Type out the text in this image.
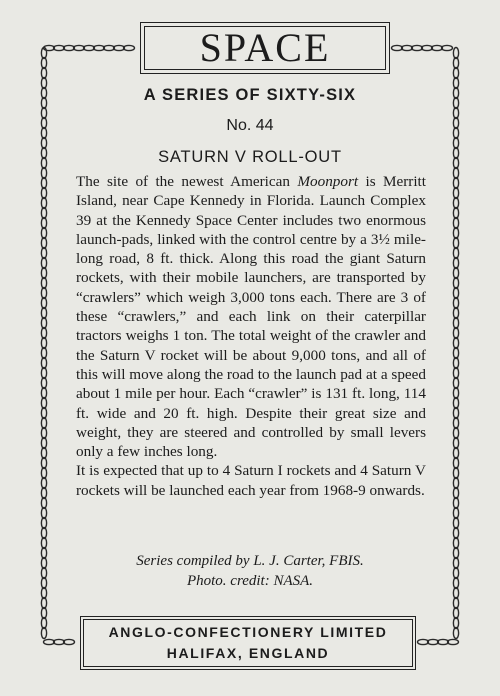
SPACE
A SERIES OF SIXTY-SIX
No. 44
SATURN V ROLL-OUT

The site of the newest American Moonport is Merritt Island, near Cape Kennedy in Florida. Launch Complex 39 at the Kennedy Space Center includes two enormous launch-pads, linked with the control centre by a 3½ mile-long road, 8 ft. thick. Along this road the giant Saturn rockets, with their mobile launchers, are transported by “crawlers” which weigh 3,000 tons each. There are 3 of these “crawlers,” and each link on their caterpillar tractors weighs 1 ton. The total weight of the crawler and the Saturn V rocket will be about 9,000 tons, and all of this will move along the road to the launch pad at a speed about 1 mile per hour. Each “crawler” is 131 ft. long, 114 ft. wide and 20 ft. high. Despite their great size and weight, they are steered and controlled by small levers only a few inches long.

It is expected that up to 4 Saturn I rockets and 4 Saturn V rockets will be launched each year from 1968-9 onwards.

Series compiled by L. J. Carter, FBIS.
Photo. credit: NASA.
ANGLO-CONFECTIONERY LIMITED
HALIFAX, ENGLAND
